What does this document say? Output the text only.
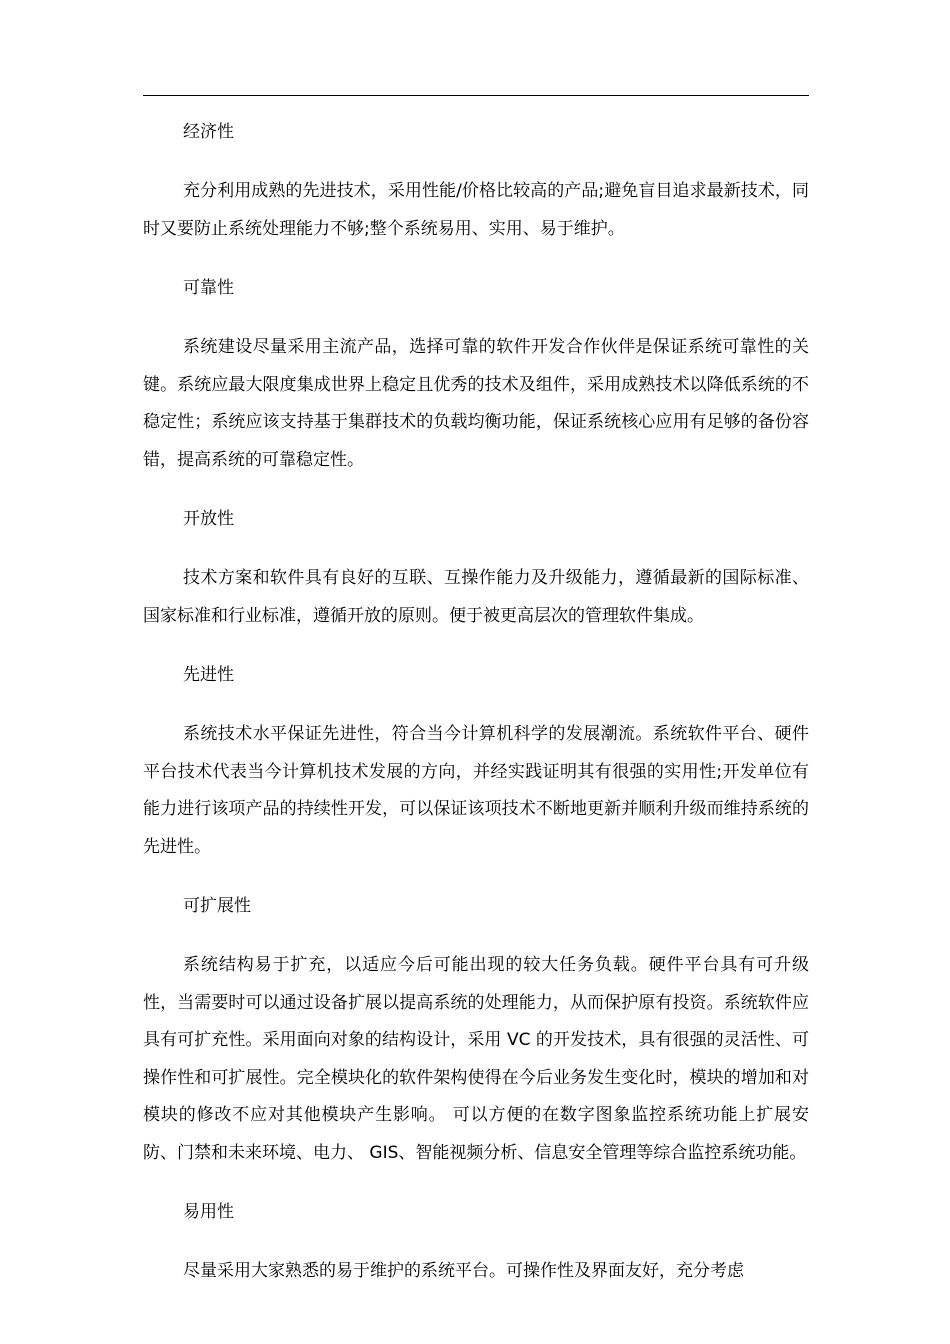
经济性

充分利用成熟的先进技术，采用性能/价格比较高的产品;避免盲目追求最新技术，同时又要防止系统处理能力不够;整个系统易用、实用、易于维护。

可靠性

系统建设尽量采用主流产品，选择可靠的软件开发合作伙伴是保证系统可靠性的关键。系统应最大限度集成世界上稳定且优秀的技术及组件，采用成熟技术以降低系统的不稳定性；系统应该支持基于集群技术的负载均衡功能，保证系统核心应用有足够的备份容错，提高系统的可靠稳定性。

开放性

技术方案和软件具有良好的互联、互操作能力及升级能力，遵循最新的国际标准、国家标准和行业标准，遵循开放的原则。便于被更高层次的管理软件集成。

先进性

系统技术水平保证先进性，符合当今计算机科学的发展潮流。系统软件平台、硬件平台技术代表当今计算机技术发展的方向，并经实践证明其有很强的实用性;开发单位有能力进行该项产品的持续性开发，可以保证该项技术不断地更新并顺利升级而维持系统的先进性。

可扩展性

系统结构易于扩充，以适应今后可能出现的较大任务负载。硬件平台具有可升级性，当需要时可以通过设备扩展以提高系统的处理能力，从而保护原有投资。系统软件应具有可扩充性。采用面向对象的结构设计，采用 VC 的开发技术，具有很强的灵活性、可操作性和可扩展性。完全模块化的软件架构使得在今后业务发生变化时，模块的增加和对模块的修改不应对其他模块产生影响。 可以方便的在数字图象监控系统功能上扩展安防、门禁和未来环境、电力、 GIS、智能视频分析、信息安全管理等综合监控系统功能。

易用性

尽量采用大家熟悉的易于维护的系统平台。可操作性及界面友好，充分考虑
